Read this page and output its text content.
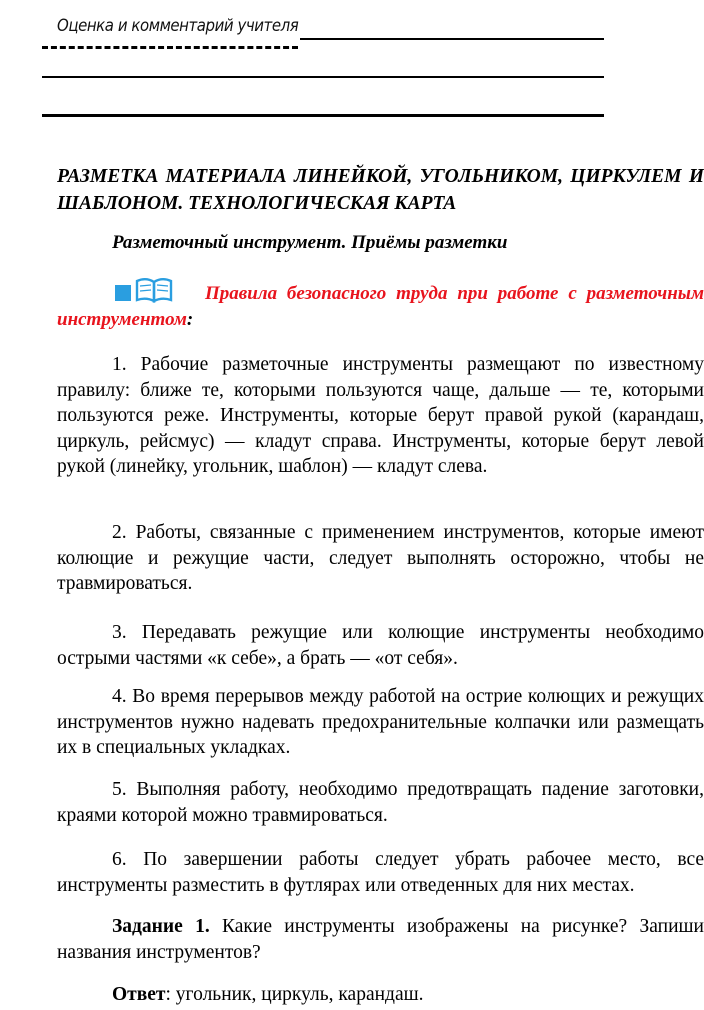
Оценка и комментарий учителя
РАЗМЕТКА МАТЕРИАЛА ЛИНЕЙКОЙ, УГОЛЬНИКОМ, ЦИРКУЛЕМ И ШАБЛОНОМ. ТЕХНОЛОГИЧЕСКАЯ КАРТА
Разметочный инструмент. Приёмы разметки
Правила безопасного труда при работе с разметочным инструментом:
1. Рабочие разметочные инструменты размещают по известному правилу: ближе те, которыми пользуются чаще, дальше — те, которыми пользуются реже. Инструменты, которые берут правой рукой (карандаш, циркуль, рейсмус) — кладут справа. Инструменты, которые берут левой рукой (линейку, угольник, шаблон) — кладут слева.
2. Работы, связанные с применением инструментов, которые имеют колющие и режущие части, следует выполнять осторожно, чтобы не травмироваться.
3. Передавать режущие или колющие инструменты необходимо острыми частями «к себе», а брать — «от себя».
4. Во время перерывов между работой на острие колющих и режущих инструментов нужно надевать предохранительные колпачки или размещать их в специальных укладках.
5. Выполняя работу, необходимо предотвращать падение заготовки, краями которой можно травмироваться.
6. По завершении работы следует убрать рабочее место, все инструменты разместить в футлярах или отведенных для них местах.
Задание 1. Какие инструменты изображены на рисунке? Запиши названия инструментов?
Ответ: угольник, циркуль, карандаш.
